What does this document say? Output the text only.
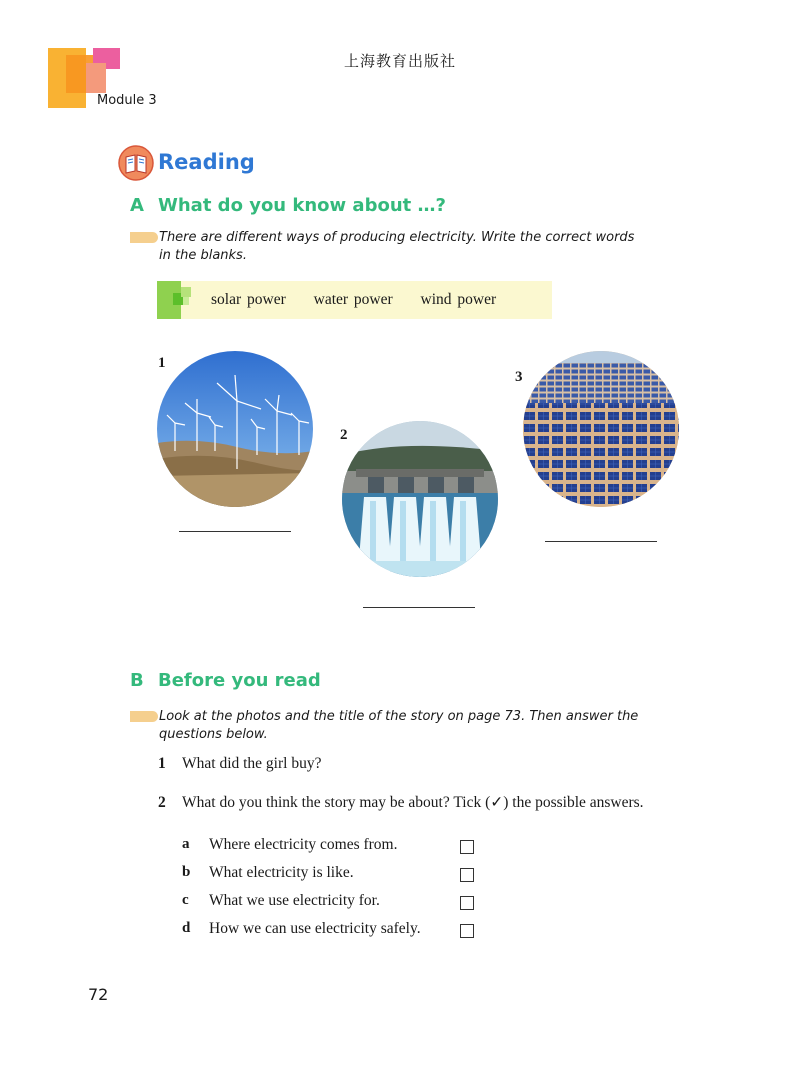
上海教育出版社
Module 3
Reading
A What do you know about …?
There are different ways of producing electricity. Write the correct words in the blanks.
solar power water power wind power
1
2
3
B Before you read
Look at the photos and the title of the story on page 73. Then answer the questions below.
1 What did the girl buy?
2 What do you think the story may be about? Tick (✓) the possible answers.
a Where electricity comes from.
b What electricity is like.
c What we use electricity for.
d How we can use electricity safely.
72
